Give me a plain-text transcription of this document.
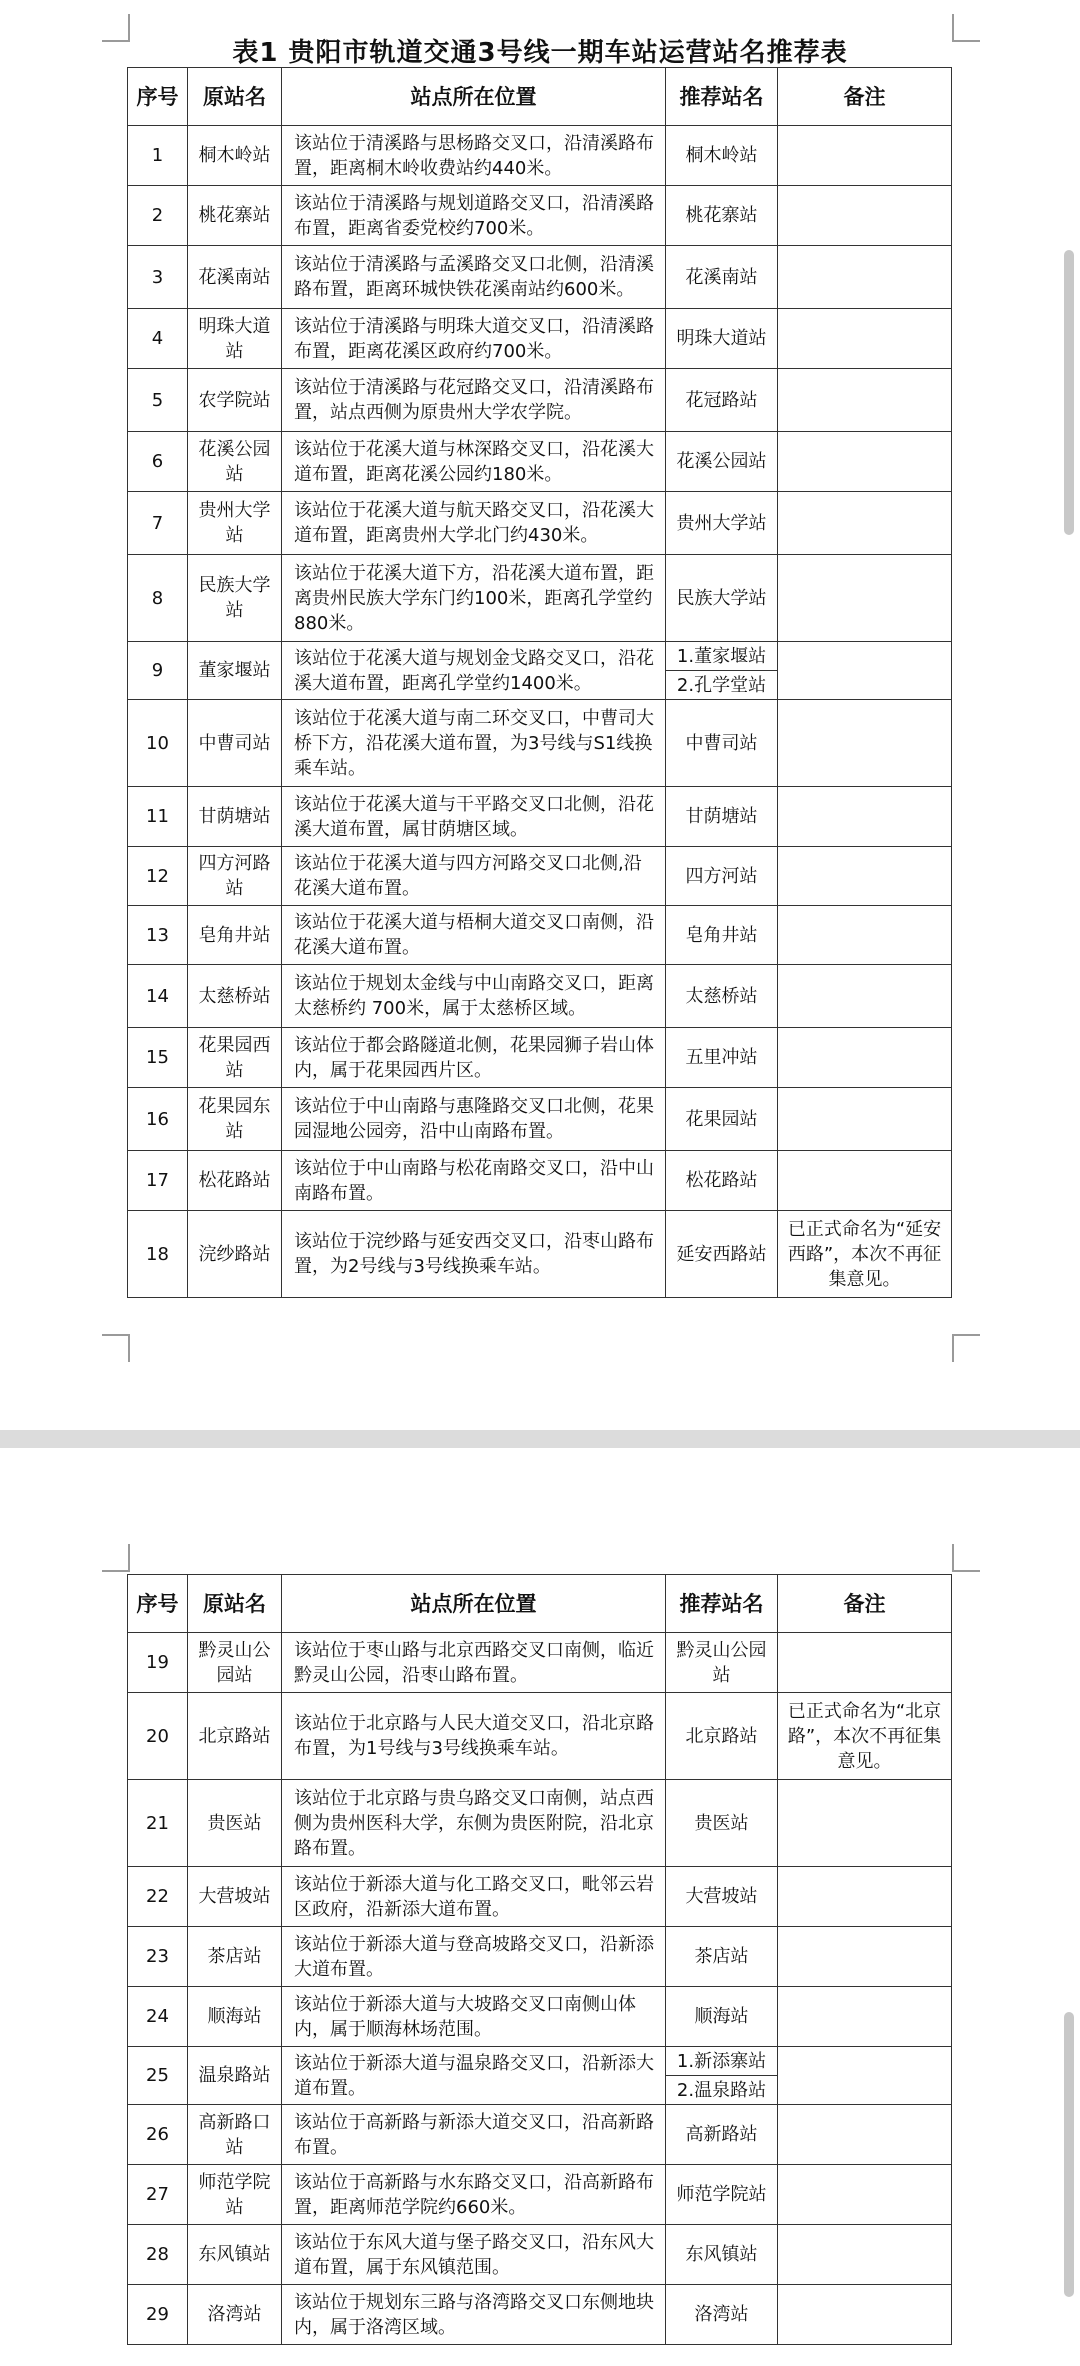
表1 贵阳市轨道交通3号线一期车站运营站名推荐表
序号	原站名	站点所在位置	推荐站名	备注
1	桐木岭站	该站位于清溪路与思杨路交叉口，沿清溪路布置，距离桐木岭收费站约440米。	桐木岭站	
2	桃花寨站	该站位于清溪路与规划道路交叉口，沿清溪路布置，距离省委党校约700米。	桃花寨站	
3	花溪南站	该站位于清溪路与孟溪路交叉口北侧，沿清溪路布置，距离环城快铁花溪南站约600米。	花溪南站	
4	明珠大道站	该站位于清溪路与明珠大道交叉口，沿清溪路布置，距离花溪区政府约700米。	明珠大道站	
5	农学院站	该站位于清溪路与花冠路交叉口，沿清溪路布置，站点西侧为原贵州大学农学院。	花冠路站	
6	花溪公园站	该站位于花溪大道与林深路交叉口，沿花溪大道布置，距离花溪公园约180米。	花溪公园站	
7	贵州大学站	该站位于花溪大道与航天路交叉口，沿花溪大道布置，距离贵州大学北门约430米。	贵州大学站	
8	民族大学站	该站位于花溪大道下方，沿花溪大道布置，距离贵州民族大学东门约100米，距离孔学堂约880米。	民族大学站	
9	董家堰站	该站位于花溪大道与规划金戈路交叉口，沿花溪大道布置，距离孔学堂约1400米。	1.董家堰站	
			2.孔学堂站	
10	中曹司站	该站位于花溪大道与南二环交叉口，中曹司大桥下方，沿花溪大道布置，为3号线与S1线换乘车站。	中曹司站	
11	甘荫塘站	该站位于花溪大道与干平路交叉口北侧，沿花溪大道布置，属甘荫塘区域。	甘荫塘站	
12	四方河路站	该站位于花溪大道与四方河路交叉口北侧,沿花溪大道布置。	四方河站	
13	皂角井站	该站位于花溪大道与梧桐大道交叉口南侧，沿花溪大道布置。	皂角井站	
14	太慈桥站	该站位于规划太金线与中山南路交叉口，距离太慈桥约 700米，属于太慈桥区域。	太慈桥站	
15	花果园西站	该站位于都会路隧道北侧，花果园狮子岩山体内，属于花果园西片区。	五里冲站	
16	花果园东站	该站位于中山南路与惠隆路交叉口北侧，花果园湿地公园旁，沿中山南路布置。	花果园站	
17	松花路站	该站位于中山南路与松花南路交叉口，沿中山南路布置。	松花路站	
18	浣纱路站	该站位于浣纱路与延安西交叉口，沿枣山路布置，为2号线与3号线换乘车站。	延安西路站	已正式命名为“延安西路”，本次不再征集意见。
序号	原站名	站点所在位置	推荐站名	备注
19	黔灵山公园站	该站位于枣山路与北京西路交叉口南侧，临近黔灵山公园，沿枣山路布置。	黔灵山公园站	
20	北京路站	该站位于北京路与人民大道交叉口，沿北京路布置，为1号线与3号线换乘车站。	北京路站	已正式命名为“北京路”，本次不再征集意见。
21	贵医站	该站位于北京路与贵乌路交叉口南侧，站点西侧为贵州医科大学，东侧为贵医附院，沿北京路布置。	贵医站	
22	大营坡站	该站位于新添大道与化工路交叉口，毗邻云岩区政府，沿新添大道布置。	大营坡站	
23	茶店站	该站位于新添大道与登高坡路交叉口，沿新添大道布置。	茶店站	
24	顺海站	该站位于新添大道与大坡路交叉口南侧山体内，属于顺海林场范围。	顺海站	
25	温泉路站	该站位于新添大道与温泉路交叉口，沿新添大道布置。	1.新添寨站	
			2.温泉路站	
26	高新路口站	该站位于高新路与新添大道交叉口，沿高新路布置。	高新路站	
27	师范学院站	该站位于高新路与水东路交叉口，沿高新路布置，距离师范学院约660米。	师范学院站	
28	东风镇站	该站位于东风大道与堡子路交叉口，沿东风大道布置，属于东风镇范围。	东风镇站	
29	洛湾站	该站位于规划东三路与洛湾路交叉口东侧地块内，属于洛湾区域。	洛湾站	
